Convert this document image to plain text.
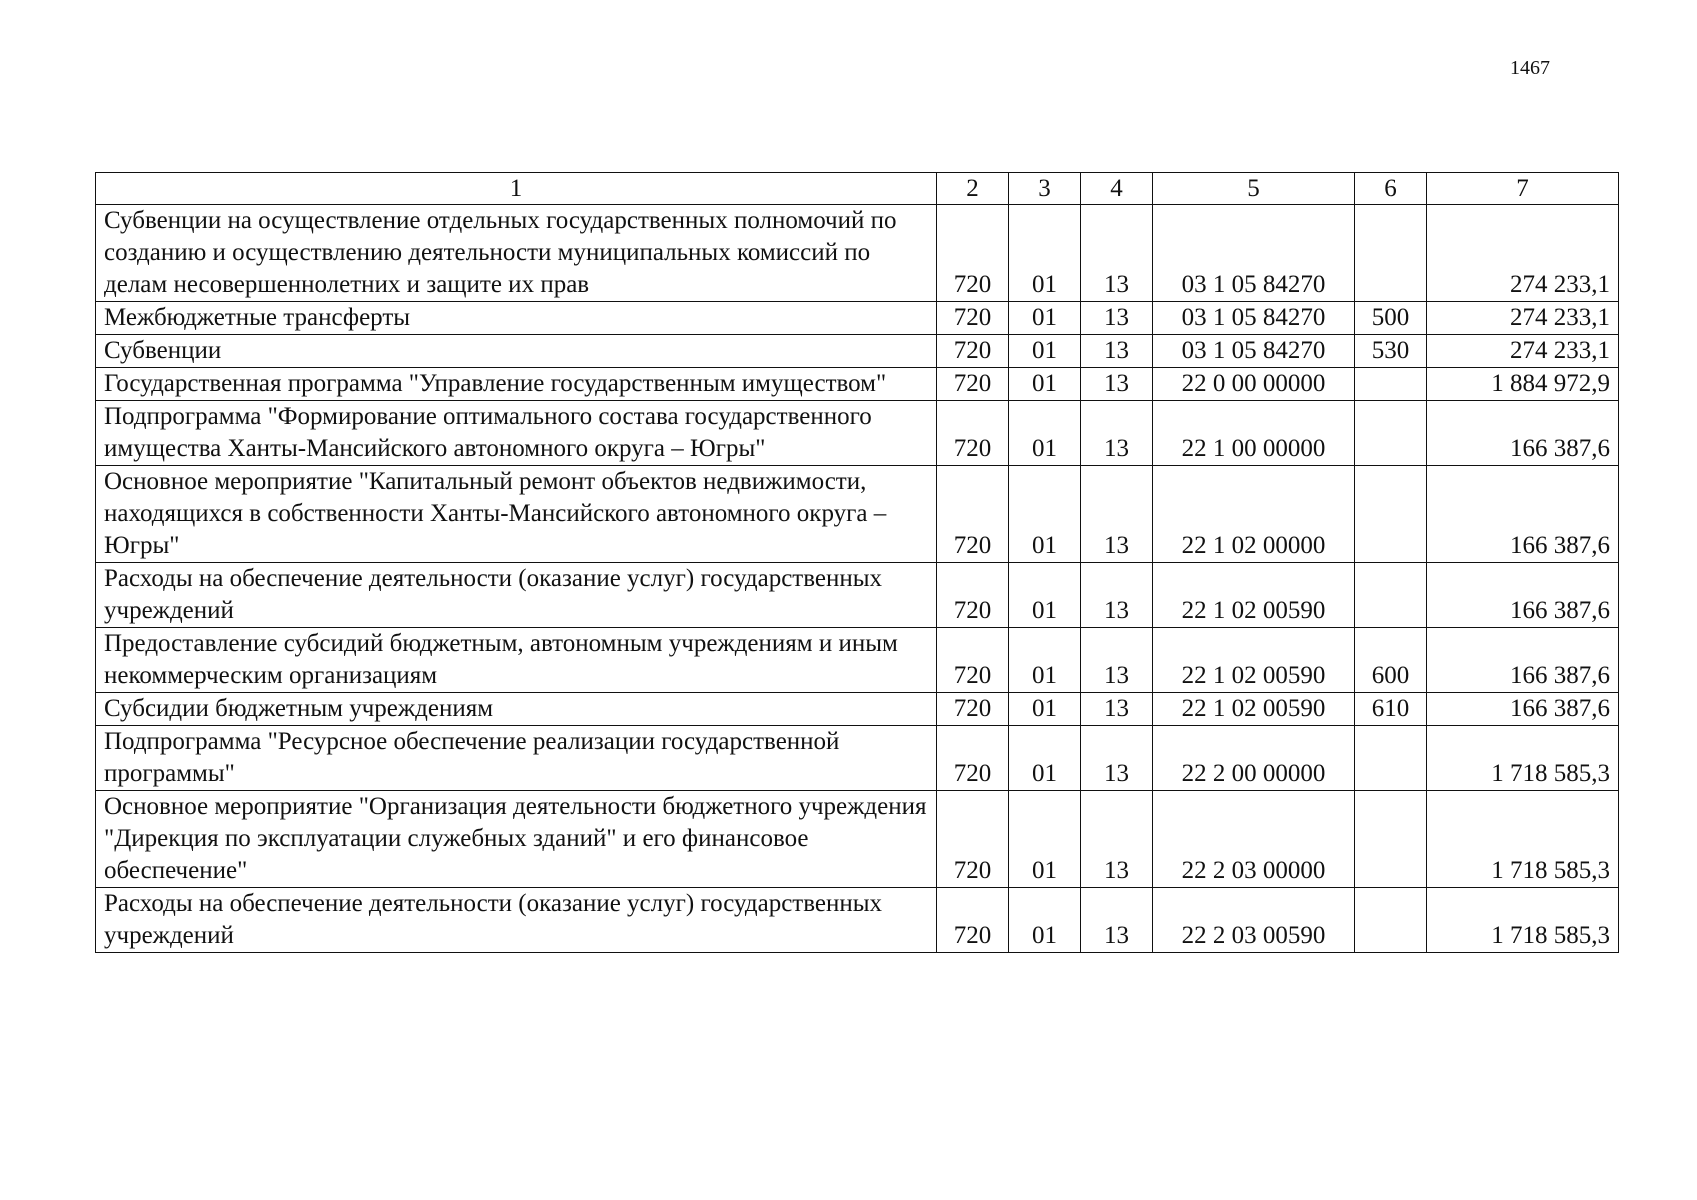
1467
1	2	3	4	5	6	7
Субвенции на осуществление отдельных государственных полномочий по созданию и осуществлению деятельности муниципальных комиссий по делам несовершеннолетних и защите их прав	720	01	13	03 1 05 84270		274 233,1
Межбюджетные трансферты	720	01	13	03 1 05 84270	500	274 233,1
Субвенции	720	01	13	03 1 05 84270	530	274 233,1
Государственная программа "Управление государственным имуществом"	720	01	13	22 0 00 00000		1 884 972,9
Подпрограмма "Формирование оптимального состава государственного имущества Ханты-Мансийского автономного округа – Югры"	720	01	13	22 1 00 00000		166 387,6
Основное мероприятие "Капитальный ремонт объектов недвижимости, находящихся в собственности Ханты-Мансийского автономного округа – Югры"	720	01	13	22 1 02 00000		166 387,6
Расходы на обеспечение деятельности (оказание услуг) государственных учреждений	720	01	13	22 1 02 00590		166 387,6
Предоставление субсидий бюджетным, автономным учреждениям и иным некоммерческим организациям	720	01	13	22 1 02 00590	600	166 387,6
Субсидии бюджетным учреждениям	720	01	13	22 1 02 00590	610	166 387,6
Подпрограмма "Ресурсное обеспечение реализации государственной программы"	720	01	13	22 2 00 00000		1 718 585,3
Основное мероприятие "Организация деятельности бюджетного учреждения "Дирекция по эксплуатации служебных зданий" и его финансовое обеспечение"	720	01	13	22 2 03 00000		1 718 585,3
Расходы на обеспечение деятельности (оказание услуг) государственных учреждений	720	01	13	22 2 03 00590		1 718 585,3
